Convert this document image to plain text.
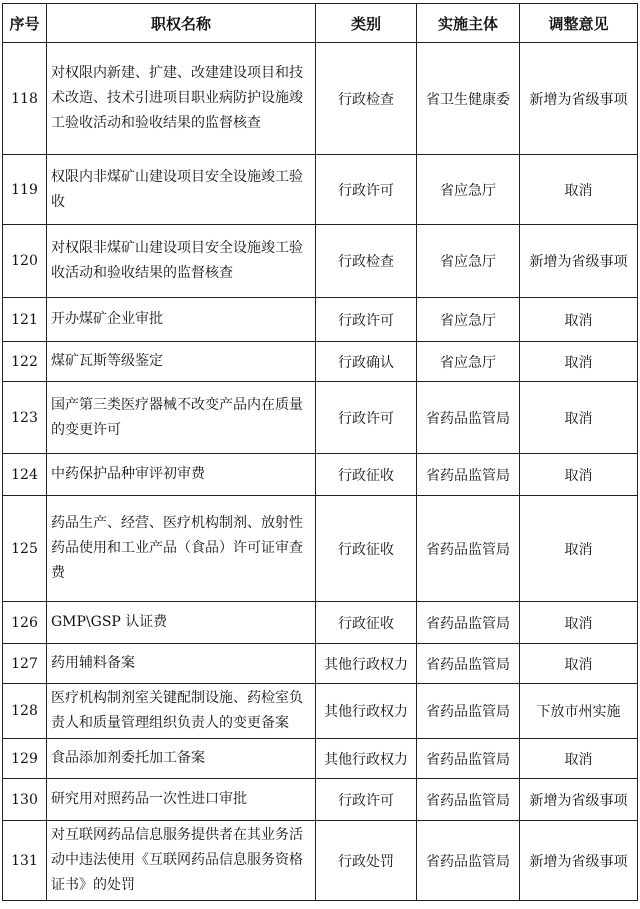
序号	职权名称	类别	实施主体	调整意见
118	对权限内新建、扩建、改建建设项目和技术改造、技术引进项目职业病防护设施竣工验收活动和验收结果的监督核查	行政检查	省卫生健康委	新增为省级事项
119	权限内非煤矿山建设项目安全设施竣工验收	行政许可	省应急厅	取消
120	对权限非煤矿山建设项目安全设施竣工验收活动和验收结果的监督核查	行政检查	省应急厅	新增为省级事项
121	开办煤矿企业审批	行政许可	省应急厅	取消
122	煤矿瓦斯等级鉴定	行政确认	省应急厅	取消
123	国产第三类医疗器械不改变产品内在质量的变更许可	行政许可	省药品监管局	取消
124	中药保护品种审评初审费	行政征收	省药品监管局	取消
125	药品生产、经营、医疗机构制剂、放射性药品使用和工业产品（食品）许可证审查费	行政征收	省药品监管局	取消
126	GMP\GSP 认证费	行政征收	省药品监管局	取消
127	药用辅料备案	其他行政权力	省药品监管局	取消
128	医疗机构制剂室关键配制设施、药检室负责人和质量管理组织负责人的变更备案	其他行政权力	省药品监管局	下放市州实施
129	食品添加剂委托加工备案	其他行政权力	省药品监管局	取消
130	研究用对照药品一次性进口审批	行政许可	省药品监管局	新增为省级事项
131	对互联网药品信息服务提供者在其业务活动中违法使用《互联网药品信息服务资格证书》的处罚	行政处罚	省药品监管局	新增为省级事项
